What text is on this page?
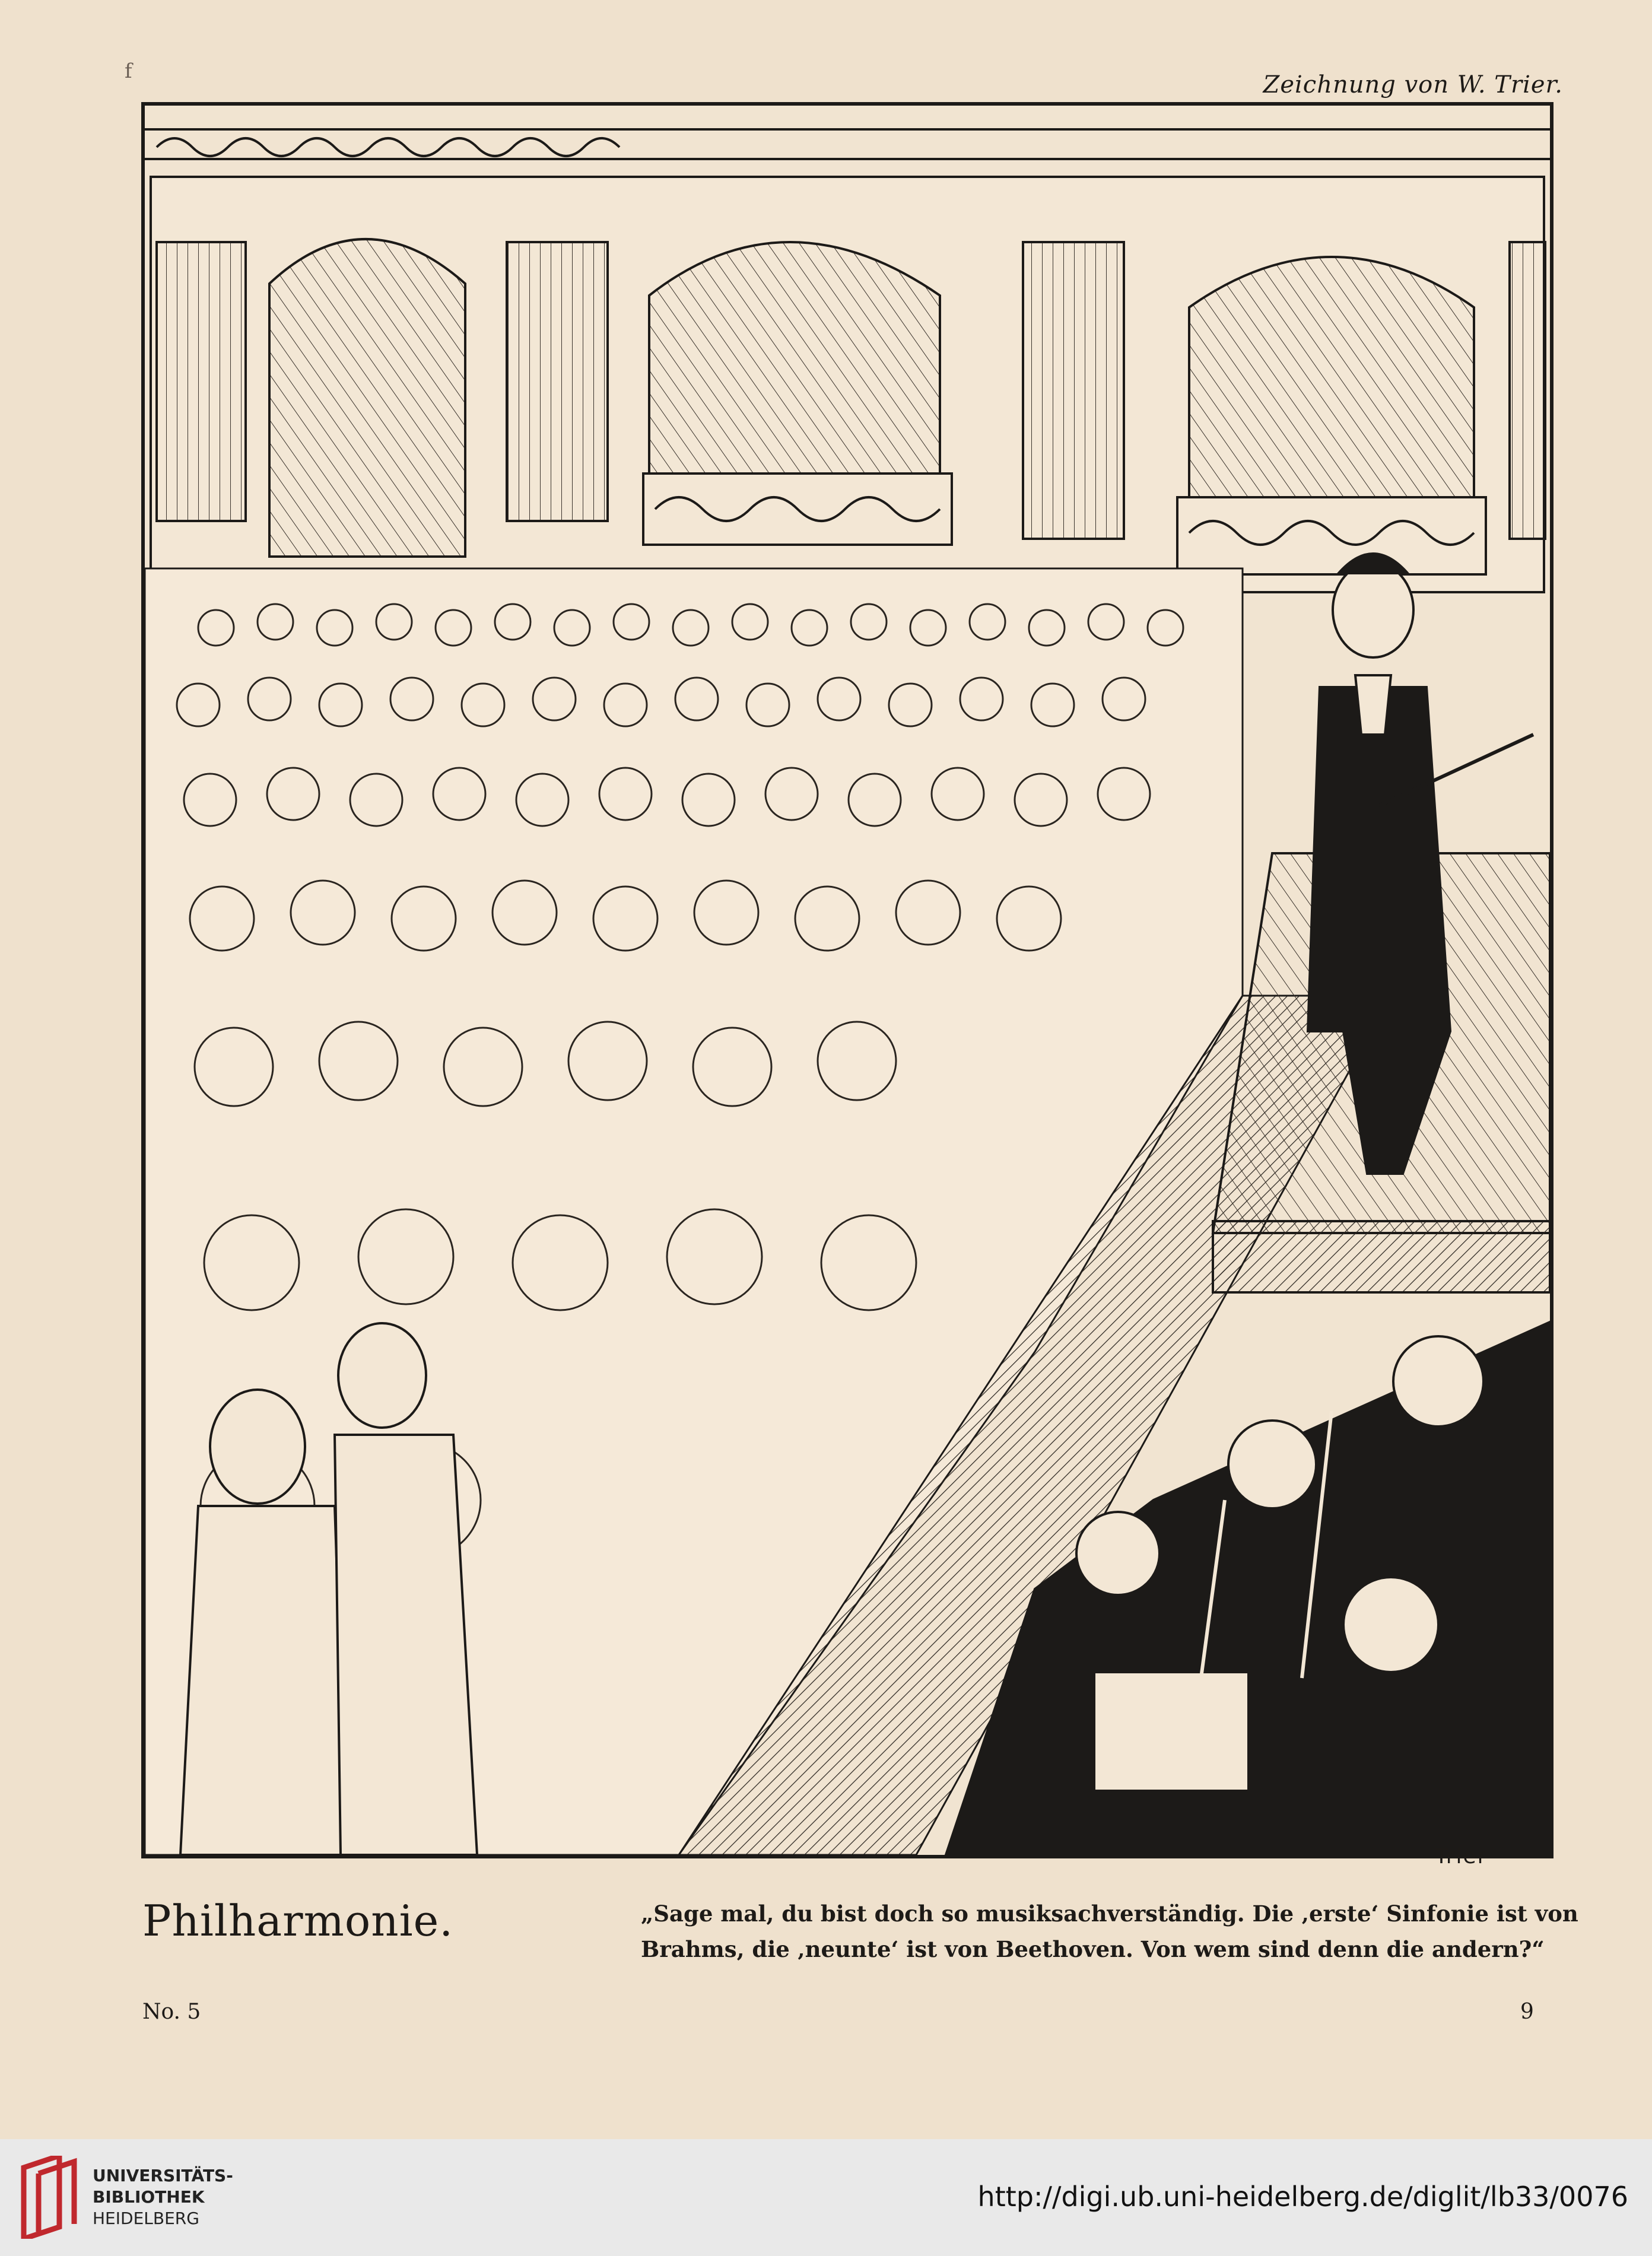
f	Zeichnung von W. Trier.
Trier
Philharmonie.	„Sage mal, du bist doch so musiksachverständig. Die ‚erste‘ Sinfonie ist von
Brahms, die ‚neunte‘ ist von Beethoven. Von wem sind denn die andern?“
No. 5	9
UNIVERSITÄTS-
BIBLIOTHEK
HEIDELBERG
http://digi.ub.uni-heidelberg.de/diglit/lb33/0076
